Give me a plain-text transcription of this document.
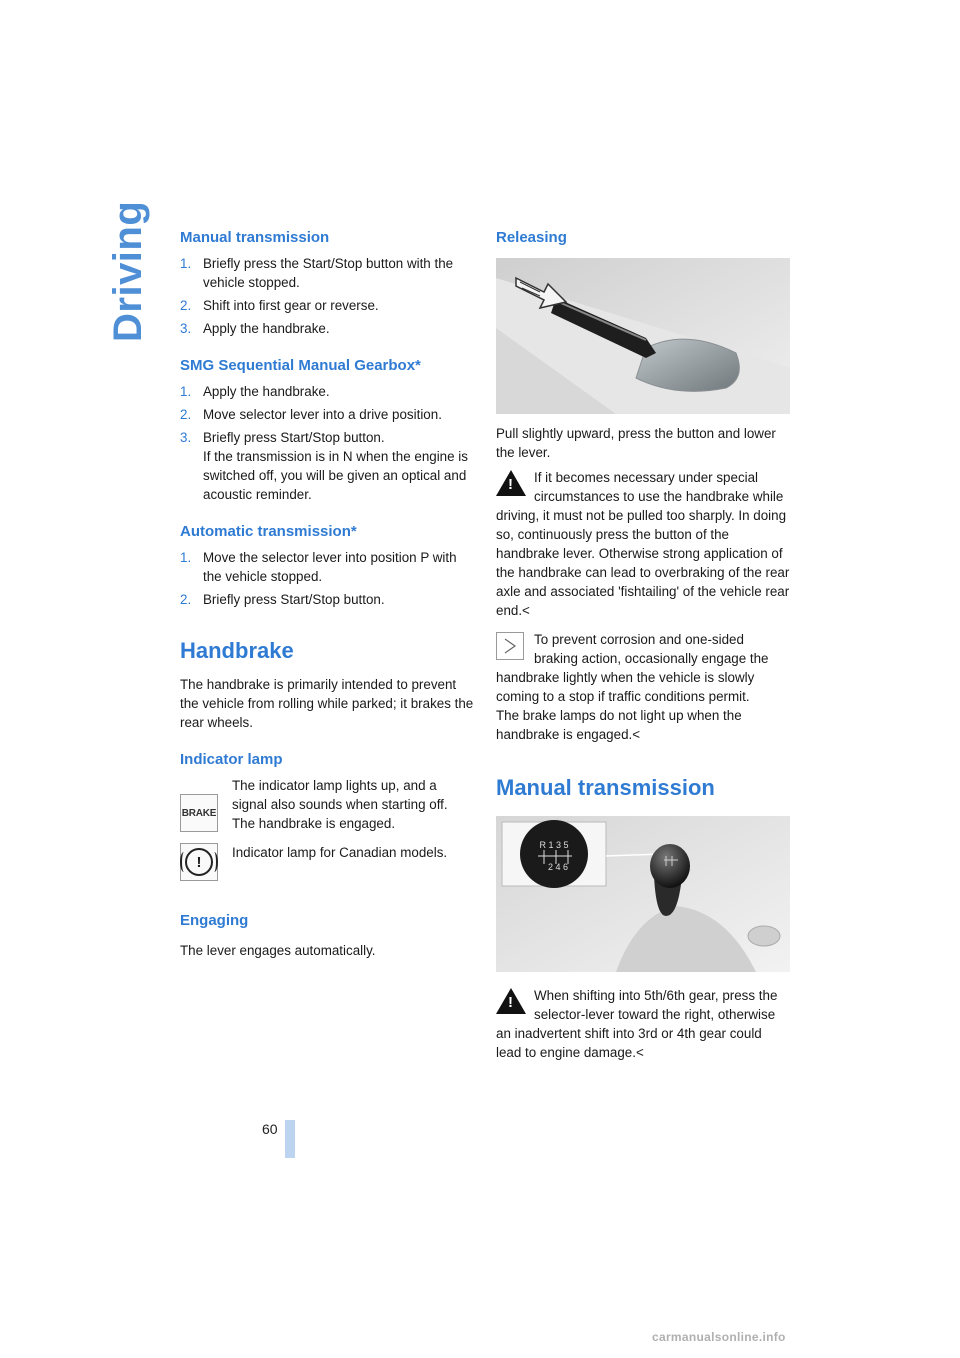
Driving	Manual transmission
1. Briefly press the Start/Stop button with the vehicle stopped.
2. Shift into first gear or reverse.
3. Apply the handbrake.
SMG Sequential Manual Gearbox*
1. Apply the handbrake.
2. Move selector lever into a drive position.
3. Briefly press Start/Stop button.
If the transmission is in N when the engine is switched off, you will be given an optical and acoustic reminder.
Automatic transmission*
1. Move the selector lever into position P with the vehicle stopped.
2. Briefly press Start/Stop button.
Handbrake

The handbrake is primarily intended to prevent the vehicle from rolling while parked; it brakes the rear wheels.

Indicator lamp
BRAKE

The indicator lamp lights up, and a signal also sounds when starting off. The handbrake is engaged.

!

Indicator lamp for Canadian models.

Engaging

The lever engages automatically.

Releasing

Pull slightly upward, press the button and lower the lever.

!	If it becomes necessary under special circumstances to use the handbrake while driving, it must not be pulled too sharply. In doing so, continuously press the button of the handbrake lever. Otherwise strong application of the handbrake can lead to overbraking of the rear axle and associated 'fishtailing' of the vehicle rear end.<

To prevent corrosion and one-sided braking action, occasionally engage the handbrake lightly when the vehicle is slowly coming to a stop if traffic conditions permit.

The brake lamps do not light up when the handbrake is engaged.<

Manual transmission
R 1 3 5
2 4 6
!	When shifting into 5th/6th gear, press the selector-lever toward the right, otherwise an inadvertent shift into 3rd or 4th gear could lead to engine damage.<

60
carmanualsonline.info
